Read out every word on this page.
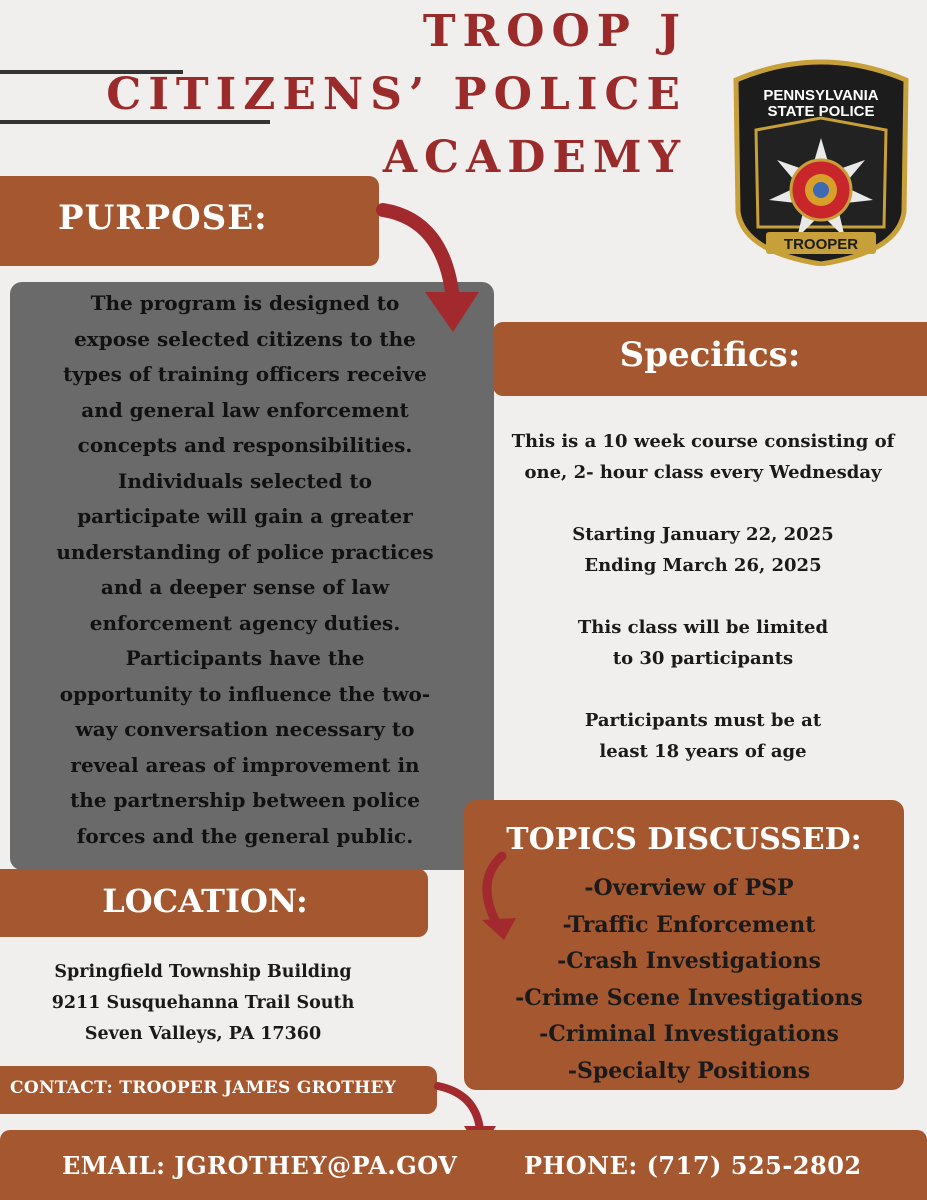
TROOP J
CITIZENS’ POLICE
ACADEMY
PENNSYLVANIA
STATE POLICE
TROOPER
PURPOSE:
The program is designed to
expose selected citizens to the
types of training officers receive
and general law enforcement
concepts and responsibilities.
Individuals selected to
participate will gain a greater
understanding of police practices
and a deeper sense of law
enforcement agency duties.
Participants have the
opportunity to influence the two-
way conversation necessary to
reveal areas of improvement in
the partnership between police
forces and the general public.
Specifics:
This is a 10 week course consisting of
one, 2- hour class every Wednesday
Starting January 22, 2025
Ending March 26, 2025
This class will be limited
to 30 participants
Participants must be at
least 18 years of age
TOPICS DISCUSSED:
-Overview of PSP
-Traffic Enforcement
-Crash Investigations
-Crime Scene Investigations
-Criminal Investigations
-Specialty Positions
LOCATION:
Springfield Township Building
9211 Susquehanna Trail South
Seven Valleys, PA 17360
CONTACT: TROOPER JAMES GROTHEY
EMAIL: JGROTHEY@PA.GOV	PHONE: (717) 525-2802
